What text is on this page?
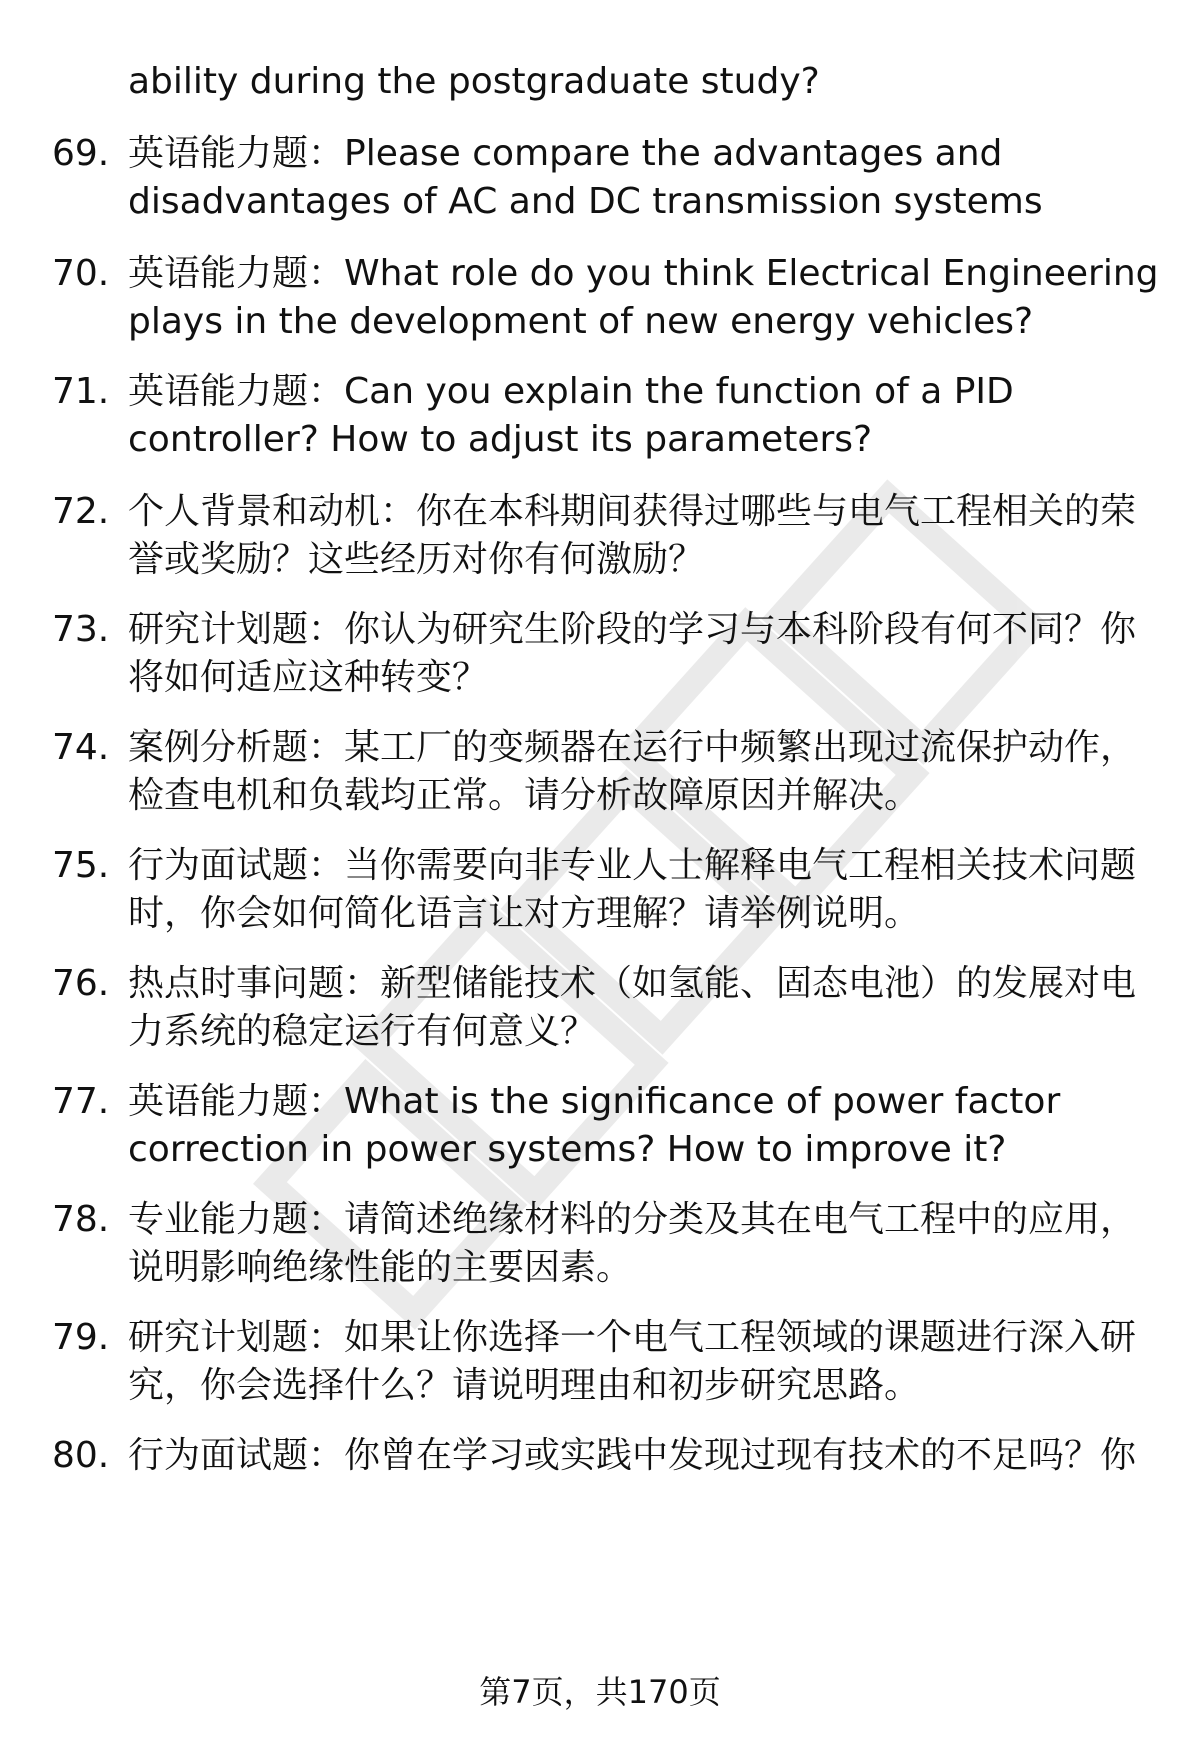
ability during the postgraduate study?
69. 英语能力题：Please compare the advantages and
disadvantages of AC and DC transmission systems
70. 英语能力题：What role do you think Electrical Engineering
plays in the development of new energy vehicles?
71. 英语能力题：Can you explain the function of a PID
controller? How to adjust its parameters?
72. 个人背景和动机：你在本科期间获得过哪些与电气工程相关的荣
誉或奖励？这些经历对你有何激励？
73. 研究计划题：你认为研究生阶段的学习与本科阶段有何不同？你
将如何适应这种转变？
74. 案例分析题：某工厂的变频器在运行中频繁出现过流保护动作，
检查电机和负载均正常。请分析故障原因并解决。
75. 行为面试题：当你需要向非专业人士解释电气工程相关技术问题
时，你会如何简化语言让对方理解？请举例说明。
76. 热点时事问题：新型储能技术（如氢能、固态电池）的发展对电
力系统的稳定运行有何意义？
77. 英语能力题：What is the significance of power factor
correction in power systems? How to improve it?
78. 专业能力题：请简述绝缘材料的分类及其在电气工程中的应用，
说明影响绝缘性能的主要因素。
79. 研究计划题：如果让你选择一个电气工程领域的课题进行深入研
究，你会选择什么？请说明理由和初步研究思路。
80. 行为面试题：你曾在学习或实践中发现过现有技术的不足吗？你
第7页，共170页
